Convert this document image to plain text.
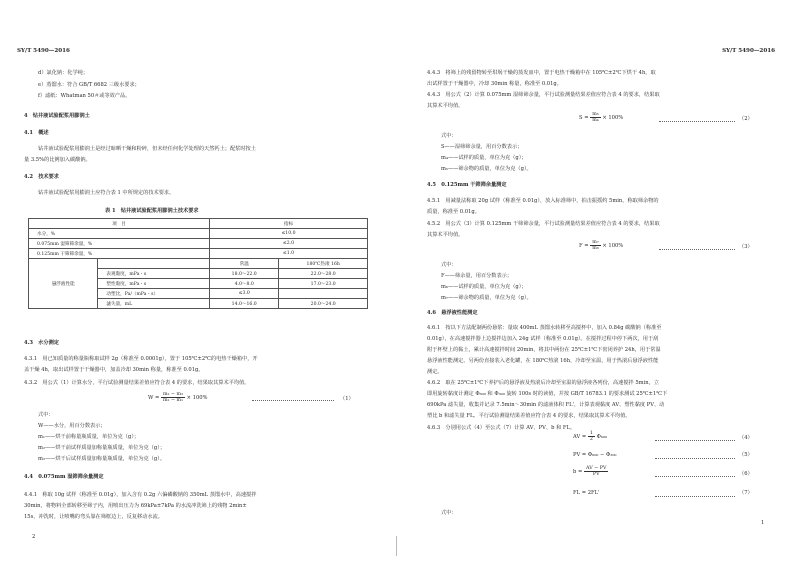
SY/T 5490—2016
d）氯化钠：化学纯；
e）蒸馏水：符合 GB/T 6682 三级水要求；
f）滤纸：Whatman 50＃或等效产品。
4　钻井液试验配浆用膨润土
4.1　概述
钻井液试验配浆用膨润土是经过晾晒干燥和粉碎，但未经任何化学处理的天然钙土；配浆时按土
量 3.5%的比例加入碳酸钠。
4.2　技术要求
钻井液试验配浆用膨润土应符合表 1 中所规定的技术要求。
表 1　钻井液试验配浆用膨润土技术要求
项　目		指标	
水分，%		≤10.0	
0.075mm 湿筛筛余量，%		≤2.0	
0.125mm 干筛筛余量，%		≤1.0	
悬浮液性能		常温	180℃热滚 16h
	表观黏度，mPa・s	18.0～22.0	22.0～28.0
	塑性黏度，mPa・s	4.0～8.0	17.0～23.0
	动塑比，Pa/（mPa・s）	≤3.0	
	滤失量，mL	14.0～16.0	20.0～24.0
4.3　水分测定
4.3.1　用已知质量的称量瓶称取试样 2g（称准至 0.0001g），置于 105℃±2℃的电热干燥箱中，开
盖干燥 4h，取出试样置于干燥器中，加盖冷却 30min 称量，称准至 0.01g。
4.3.2　用公式（1）计算水分，平行试验测量结果差值应符合表 4 的要求，结果取其算术平均值。
$W = \frac{\text{m₂ − m₃}}{\text{m₂ − m₁}} \times 100\%$	（1）
式中：
W——水分，用百分数表示；
m₁——烘干前称量瓶质量，单位为克（g）；
m₂——烘干前试样质量加称量瓶质量，单位为克（g）；
m₃——烘干后试样质量加称量瓶质量，单位为克（g）。
4.4　0.075mm 湿筛筛余量测定
4.4.1　称取 10g 试样（称准至 0.01g），加入含有 0.2g 六偏磷酸钠的 350mL 蒸馏水中，高速搅拌
30min，将物料全部转移至筛子内，用喷出压力为 69kPa±7kPa 的水流冲洗筛上的残物 2min±
15s，冲洗时，让喷嘴的弯头靠在筛框边上，反复移动水流。
2
SY/T 5490—2016
4.4.3　将筛上的残留物转至坩埚干燥的蒸发皿中，置于电热干燥箱中在 105℃±2℃下烘干 4h，取
出试样置于干燥器中，冷却 30min 称量，称准至 0.01g。
4.4.3　用公式（2）计算 0.075mm 湿筛筛余量，平行试验测量结果差值应符合表 4 的要求，结果取
其算术平均值。
$S = \frac{\text{m₅}}{\text{m₄}} \times 100\%$	（2）
式中：
S——湿筛筛余量，用百分数表示；
m₄——试样的质量，单位为克（g）；
m₅——筛余物的质量，单位为克（g）。
4.5　0.125mm 干筛筛余量测定
4.5.1　用减量法称取 20g 试样（称准至 0.01g），放入标准筛中，拍击振摇约 5min，称取筛余物的
质量，称准至 0.01g。
4.5.2　用公式（3）计算 0.125mm 干筛筛余量，平行试验测量结果差值应符合表 4 的要求，结果取
其算术平均值。
$F = \frac{\text{m₇}}{\text{m₆}} \times 100\%$	（3）
式中：
F——筛余量，用百分数表示；
m₆——试样的质量，单位为克（g）；
m₇——筛余物的质量，单位为克（g）。
4.6　悬浮液性能测定
4.6.1　按以下方法配制两份悬浆：量取 400mL 蒸馏水转移至高搅杯中，加入 0.84g 碳酸钠（称准至
0.01g），在高速搅拌器上边搅拌边加入 24g 试样（称准至 0.01g）。在搅拌过程中停下两次，用于刮
附于杯壁上的黏土，累计高速搅拌时间 20min，将其中两份在 25℃±1℃下密闭养护 24h，用于常温
悬浮液性能测定。另两份直接装入老化罐，在 180℃热滚 16h，冷却至室温，用于热滚后悬浮液性能
测定。
4.6.2　取在 25℃±1℃下养护后的悬浮液及热滚后冷却至室温的悬浮液各列份，高速搅拌 5min，立
即用旋转黏度计测定 Φ₆₀₀ 和 Φ₃₀₀ 旋转 100s 时的读值，并按 GB/T 16783.1 的要求测试 25℃±1℃下
690kPa 滤失量，收集并记录 7.5min～30min 的滤液体积 FL'，计算表观黏度 AV、塑性黏度 PV、动
塑比 b 和滤失量 FL。平行试验测量结果差值应符合表 4 的要求，结果取其算术平均值。
4.6.3　分别用公式（4）至公式（7）计算 AV、PV、b 和 FL。
AV = $\frac{1}{2} \Phi_{600}$	（4）
PV = Φ₆₀₀ − Φ₃₀₀	（5）
$b = \frac{AV - PV}{PV}$	（6）
FL = 2FL'	（7）
式中：
1
